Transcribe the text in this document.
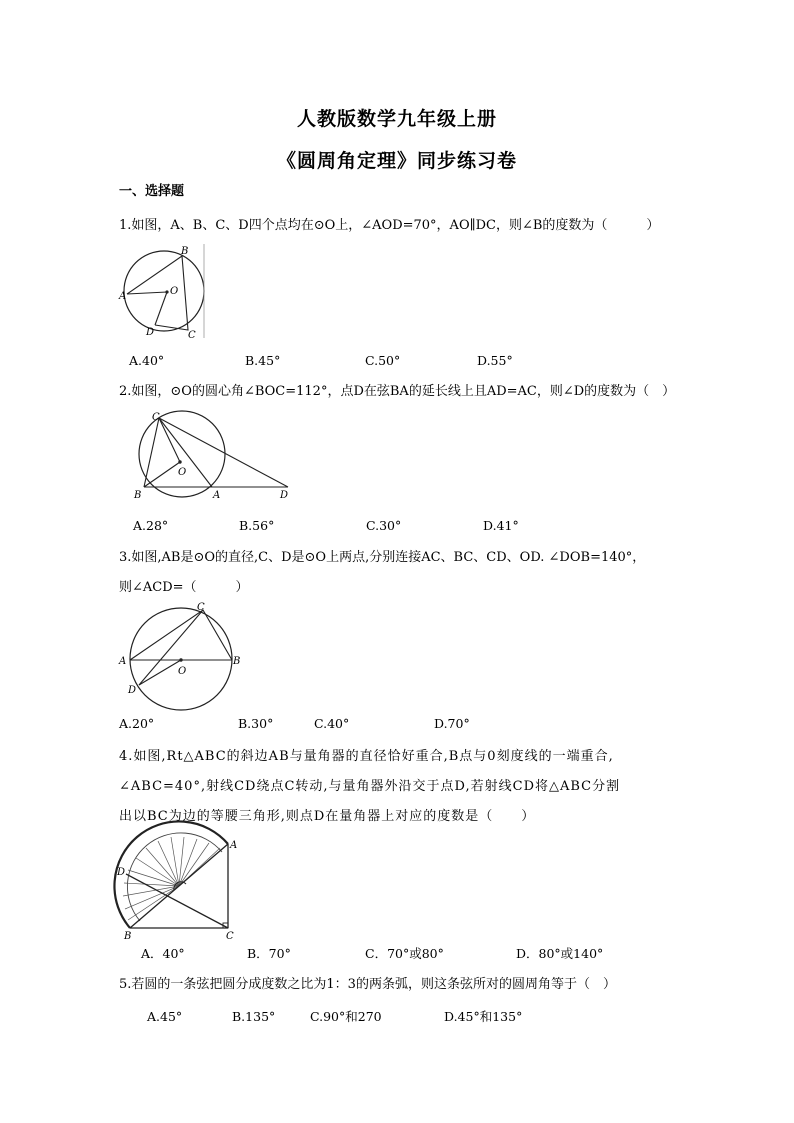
人教版数学九年级上册
《圆周角定理》同步练习卷
一、选择题
1.如图，A、B、C、D四个点均在⊙O上，∠AOD=70°，AO∥DC，则∠B的度数为（　　　）
A
B
C
D
O
A.40°	B.45°	C.50°	D.55°
2.如图，⊙O的圆心角∠BOC=112°，点D在弦BA的延长线上且AD=AC，则∠D的度数为（　）
C
O
B	A	D
A.28°	B.56°	C.30°	D.41°
3.如图,AB是⊙O的直径,C、D是⊙O上两点,分别连接AC、BC、CD、OD. ∠DOB=140°，
则∠ACD=（　　　）
C
A	B
O
D
A.20°	B.30°	C.40°	D.70°
4.如图,Rt△ABC的斜边AB与量角器的直径恰好重合,B点与0刻度线的一端重合,
∠ABC=40°,射线CD绕点C转动,与量角器外沿交于点D,若射线CD将△ABC分割
出以BC为边的等腰三角形,则点D在量角器上对应的度数是（　　）
A
D
B	C
A．40°	B．70°	C．70°或80°	D．80°或140°
5.若圆的一条弦把圆分成度数之比为1：3的两条弧，则这条弦所对的圆周角等于（　）
A.45°	B.135°	C.90°和270	D.45°和135°
